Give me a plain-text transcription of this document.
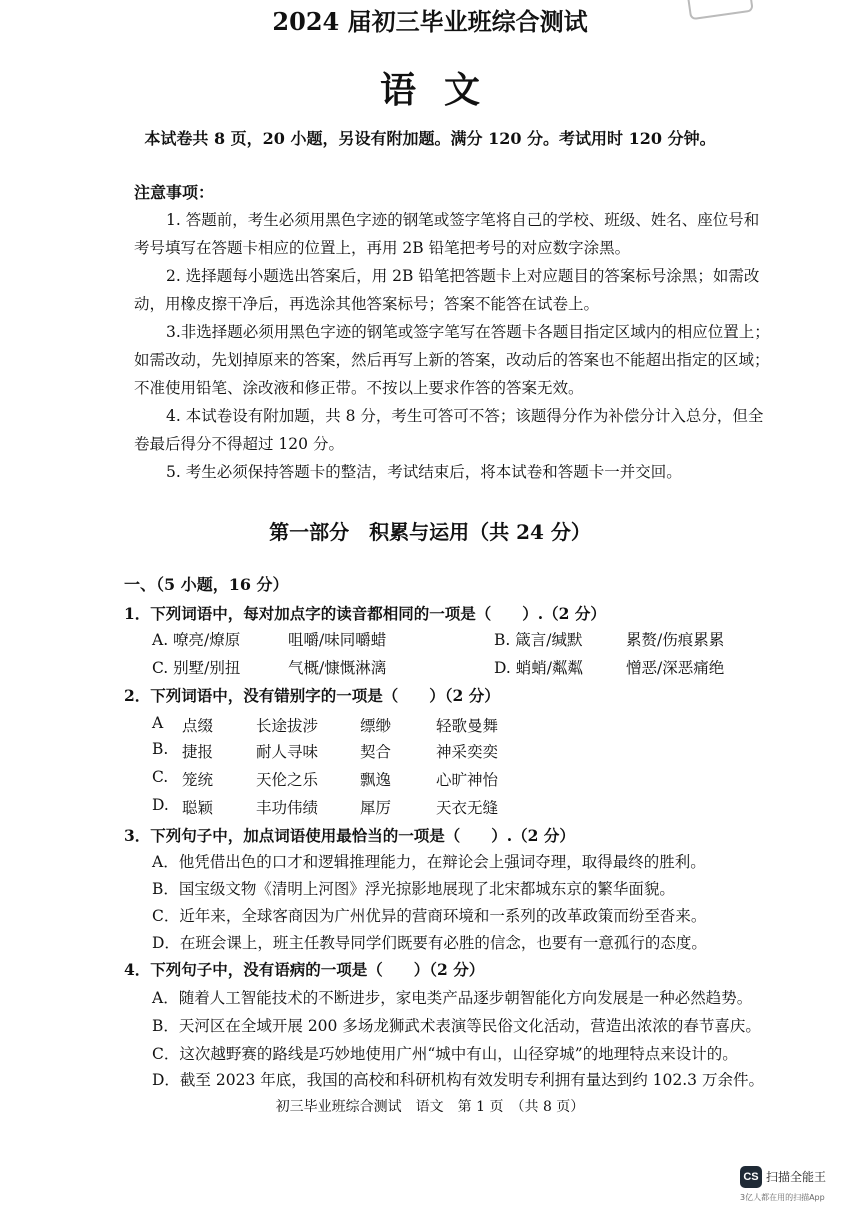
2024 届初三毕业班综合测试
语文
本试卷共 8 页，20 小题，另设有附加题。满分 120 分。考试用时 120 分钟。
注意事项：
1. 答题前，考生必须用黑色字迹的钢笔或签字笔将自己的学校、班级、姓名、座位号和
考号填写在答题卡相应的位置上，再用 2B 铅笔把考号的对应数字涂黑。
2. 选择题每小题选出答案后，用 2B 铅笔把答题卡上对应题目的答案标号涂黑；如需改
动，用橡皮擦干净后，再选涂其他答案标号；答案不能答在试卷上。
3.非选择题必须用黑色字迹的钢笔或签字笔写在答题卡各题目指定区域内的相应位置上；
如需改动，先划掉原来的答案，然后再写上新的答案，改动后的答案也不能超出指定的区域；
不准使用铅笔、涂改液和修正带。不按以上要求作答的答案无效。
4. 本试卷设有附加题，共 8 分，考生可答可不答；该题得分作为补偿分计入总分，但全
卷最后得分不得超过 120 分。
5. 考生必须保持答题卡的整洁，考试结束后，将本试卷和答题卡一并交回。
第一部分　积累与运用（共 24 分）
一、（5 小题，16 分）
1．下列词语中，每对加点字的读音都相同的一项是（　　）.（2 分）
A. 嘹亮/燎原	咀嚼/味同嚼蜡	B. 箴言/缄默	累赘/伤痕累累
C. 别墅/别扭	气概/慷慨淋漓	D. 蛸蛸/粼粼	憎恶/深恶痛绝
2．下列词语中，没有错别字的一项是（　　）（2 分）
A 点缀	长途拔涉	缥缈	轻歌曼舞
B. 捷报	耐人寻味	契合	神采奕奕
C. 笼统	天伦之乐	飘逸	心旷神怡
D. 聪颖	丰功伟绩	犀厉	天衣无缝
3．下列句子中，加点词语使用最恰当的一项是（　　）.（2 分）
A．他凭借出色的口才和逻辑推理能力，在辩论会上强词夺理，取得最终的胜利。
B．国宝级文物《清明上河图》浮光掠影地展现了北宋都城东京的繁华面貌。
C．近年来，全球客商因为广州优异的营商环境和一系列的改革政策而纷至沓来。
D．在班会课上，班主任教导同学们既要有必胜的信念，也要有一意孤行的态度。
4．下列句子中，没有语病的一项是（　　）（2 分）
A．随着人工智能技术的不断进步，家电类产品逐步朝智能化方向发展是一种必然趋势。
B．天河区在全域开展 200 多场龙狮武术表演等民俗文化活动，营造出浓浓的春节喜庆。
C．这次越野赛的路线是巧妙地使用广州“城中有山，山径穿城”的地理特点来设计的。
D．截至 2023 年底，我国的高校和科研机构有效发明专利拥有量达到约 102.3 万余件。
初三毕业班综合测试　语文　第 1 页　（共 8 页）
CS 扫描全能王
3亿人都在用的扫描App
